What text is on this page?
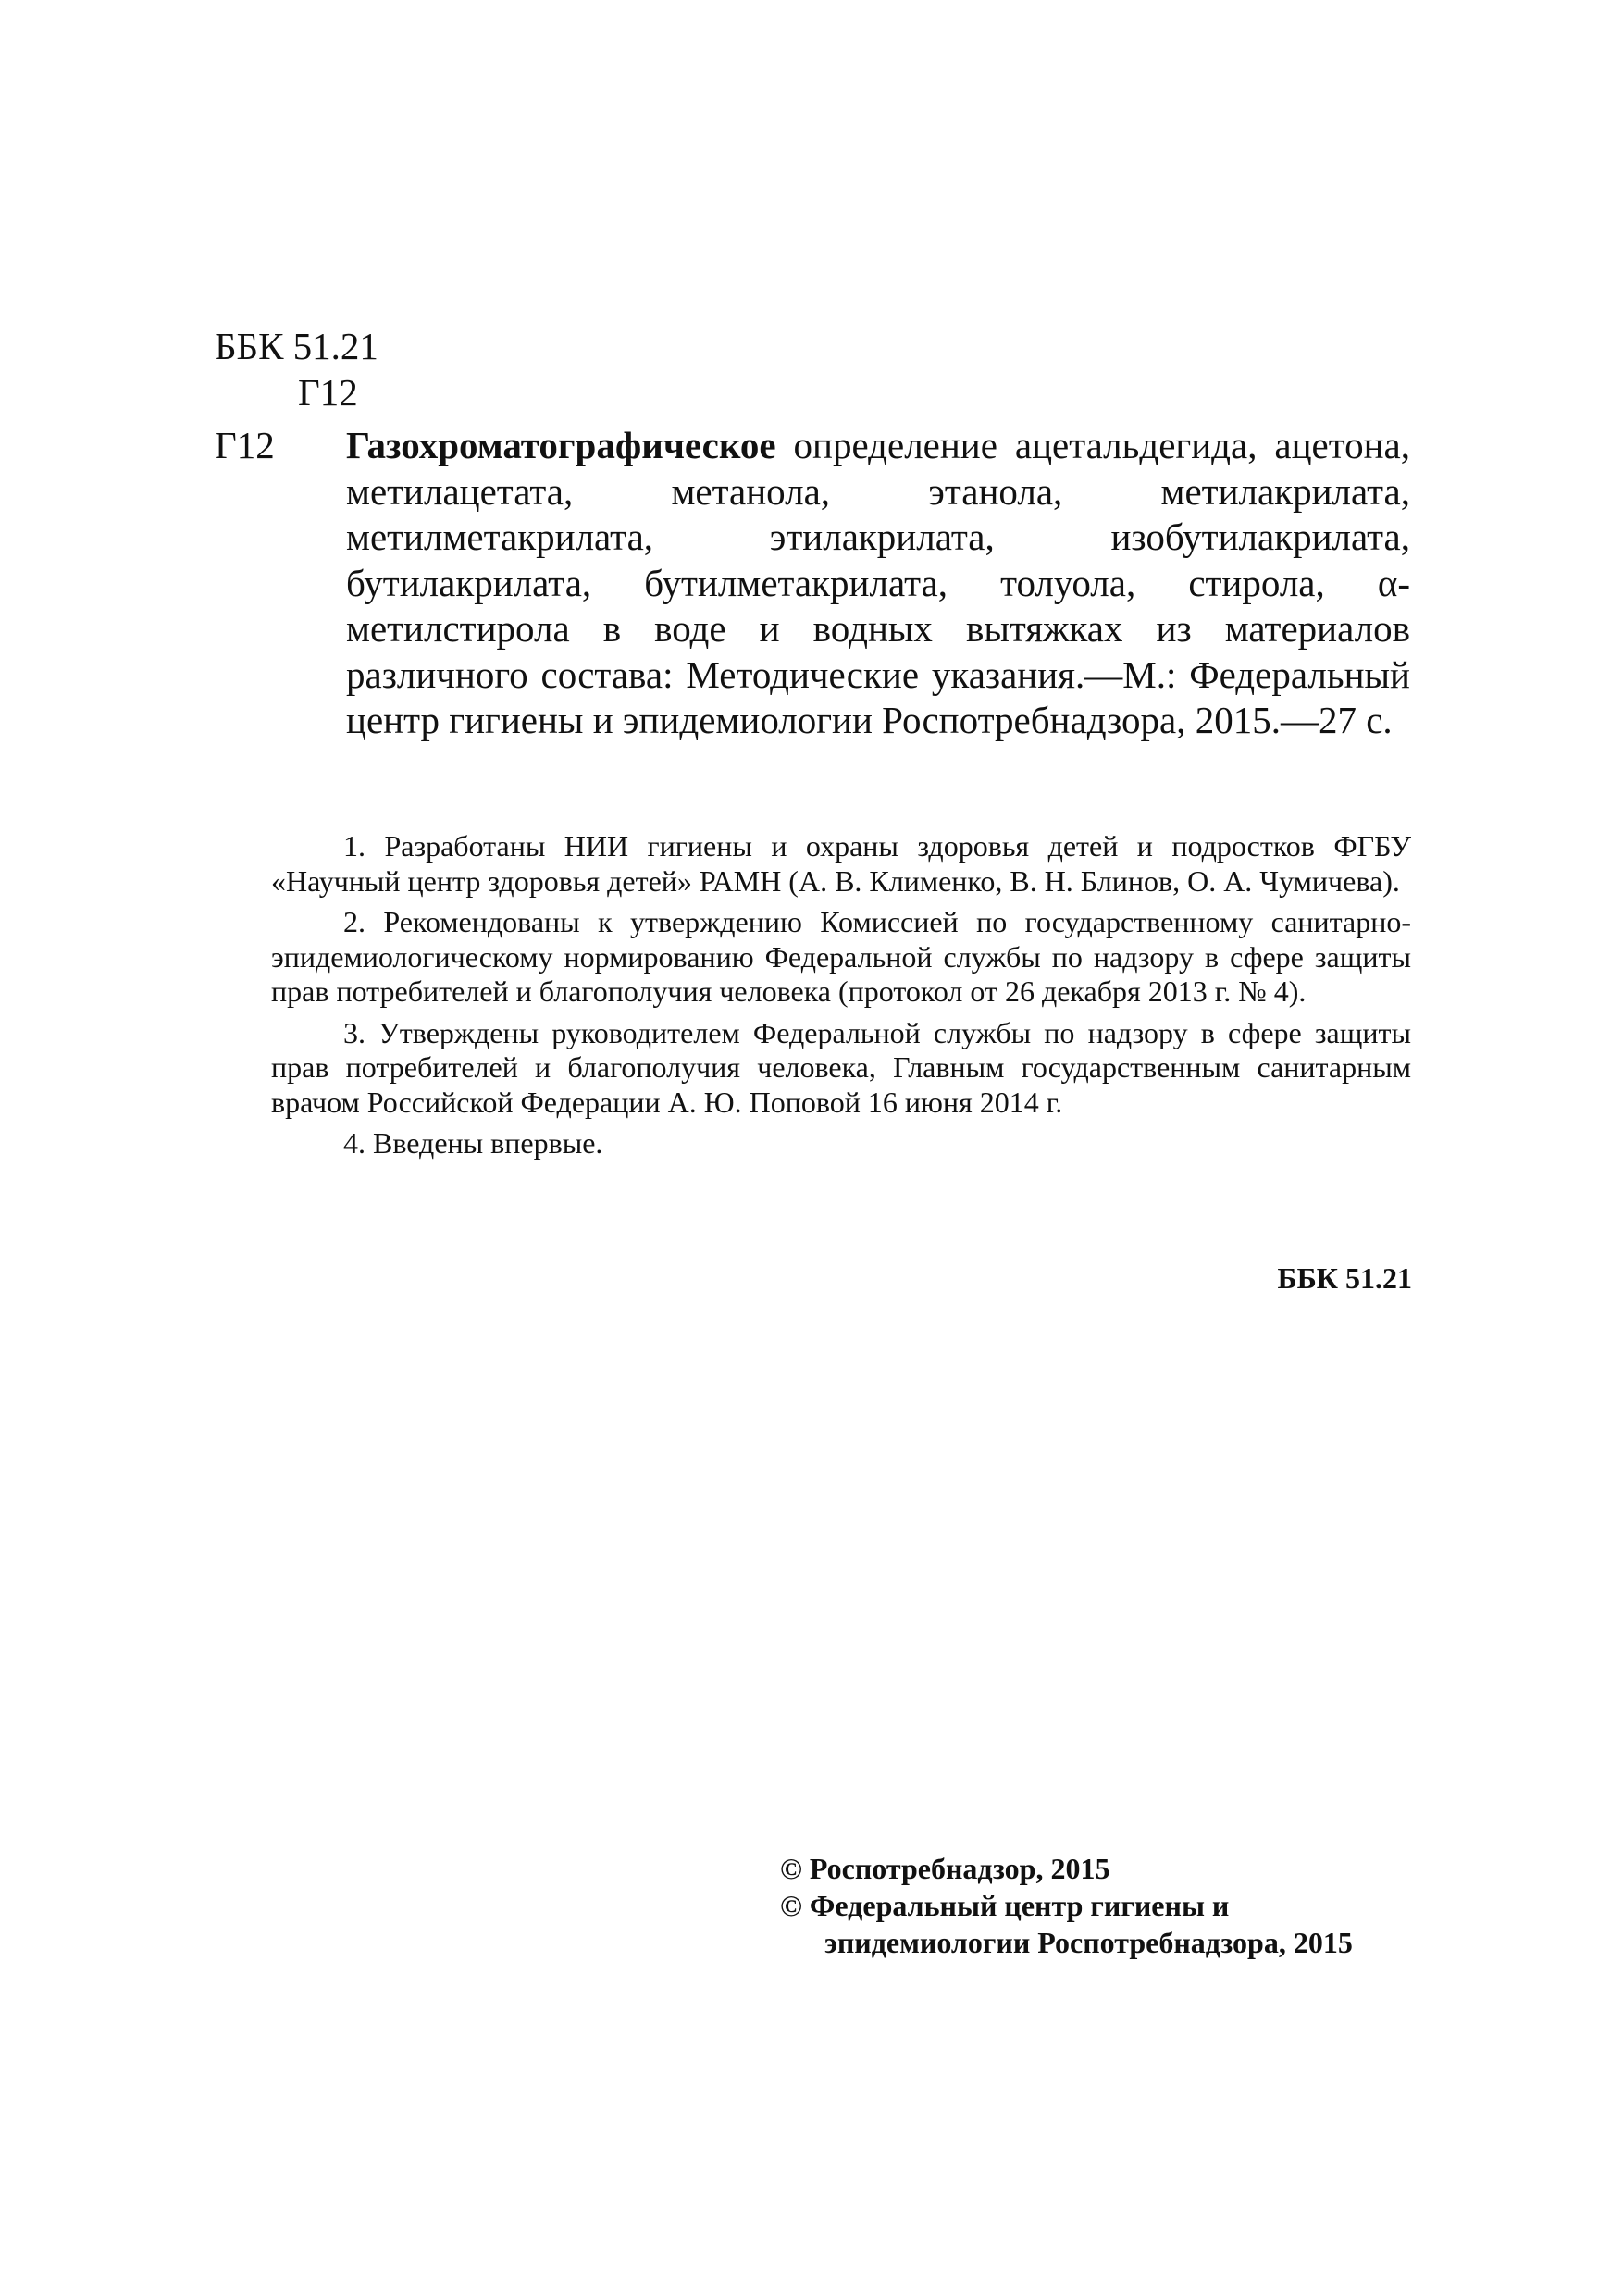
ББК 51.21
Г12
Г12 Газохроматографическое определение ацетальдегида, ацетона, метилацетата, метанола, этанола, метилакрилата, метилметакрилата, этилакрилата, изобутилакрилата, бутилакрилата, бутилметакрилата, толуола, стирола, α-метилстирола в воде и водных вытяжках из материалов различного состава: Методические указания.—М.: Федеральный центр гигиены и эпидемиологии Роспотребнадзора, 2015.—27 с.

1. Разработаны НИИ гигиены и охраны здоровья детей и подростков ФГБУ «Научный центр здоровья детей» РАМН (А. В. Клименко, В. Н. Блинов, О. А. Чумичева).

2. Рекомендованы к утверждению Комиссией по государственному санитарно-эпидемиологическому нормированию Федеральной службы по надзору в сфере защиты прав потребителей и благополучия человека (протокол от 26 декабря 2013 г. № 4).

3. Утверждены руководителем Федеральной службы по надзору в сфере защиты прав потребителей и благополучия человека, Главным государственным санитарным врачом Российской Федерации А. Ю. Поповой 16 июня 2014 г.

4. Введены впервые.

ББК 51.21
© Роспотребнадзор, 2015
© Федеральный центр гигиены и
эпидемиологии Роспотребнадзора, 2015
